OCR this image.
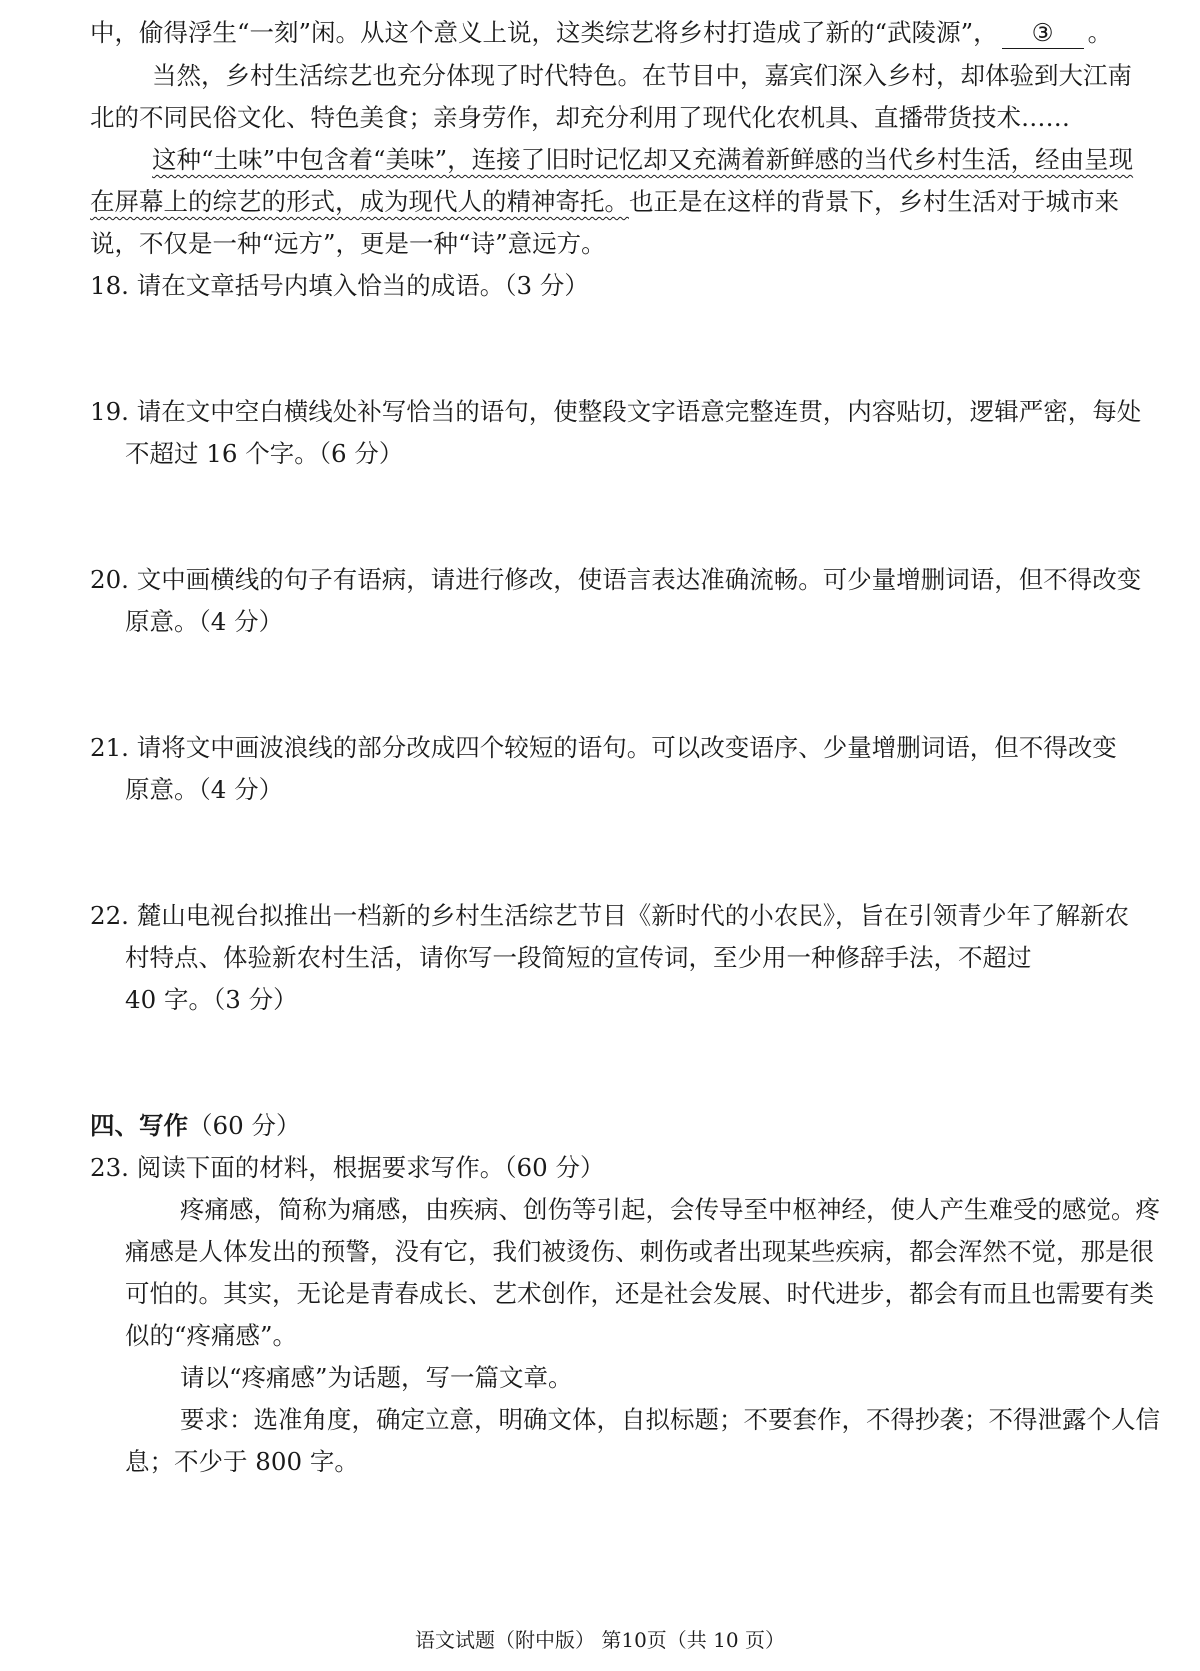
中，偷得浮生“一刻”闲。从这个意义上说，这类综艺将乡村打造成了新的“武陵源”， ③ 。
当然，乡村生活综艺也充分体现了时代特色。在节目中，嘉宾们深入乡村，却体验到大江南
北的不同民俗文化、特色美食；亲身劳作，却充分利用了现代化农机具、直播带货技术……
这种“土味”中包含着“美味”，连接了旧时记忆却又充满着新鲜感的当代乡村生活，经由呈现
在屏幕上的综艺的形式，成为现代人的精神寄托。也正是在这样的背景下，乡村生活对于城市来
说，不仅是一种“远方”，更是一种“诗”意远方。
18. 请在文章括号内填入恰当的成语。（3 分）
19. 请在文中空白横线处补写恰当的语句，使整段文字语意完整连贯，内容贴切，逻辑严密，每处
不超过 16 个字。（6 分）
20. 文中画横线的句子有语病，请进行修改，使语言表达准确流畅。可少量增删词语，但不得改变
原意。（4 分）
21. 请将文中画波浪线的部分改成四个较短的语句。可以改变语序、少量增删词语，但不得改变
原意。（4 分）
22. 麓山电视台拟推出一档新的乡村生活综艺节目《新时代的小农民》，旨在引领青少年了解新农
村特点、体验新农村生活，请你写一段简短的宣传词，至少用一种修辞手法，不超过
40 字。（3 分）
四、写作（60 分）
23. 阅读下面的材料，根据要求写作。（60 分）
疼痛感，简称为痛感，由疾病、创伤等引起，会传导至中枢神经，使人产生难受的感觉。疼
痛感是人体发出的预警，没有它，我们被烫伤、刺伤或者出现某些疾病，都会浑然不觉，那是很
可怕的。其实，无论是青春成长、艺术创作，还是社会发展、时代进步，都会有而且也需要有类
似的“疼痛感”。
请以“疼痛感”为话题，写一篇文章。
要求：选准角度，确定立意，明确文体，自拟标题；不要套作，不得抄袭；不得泄露个人信
息；不少于 800 字。
语文试题（附中版） 第10页（共 10 页）
